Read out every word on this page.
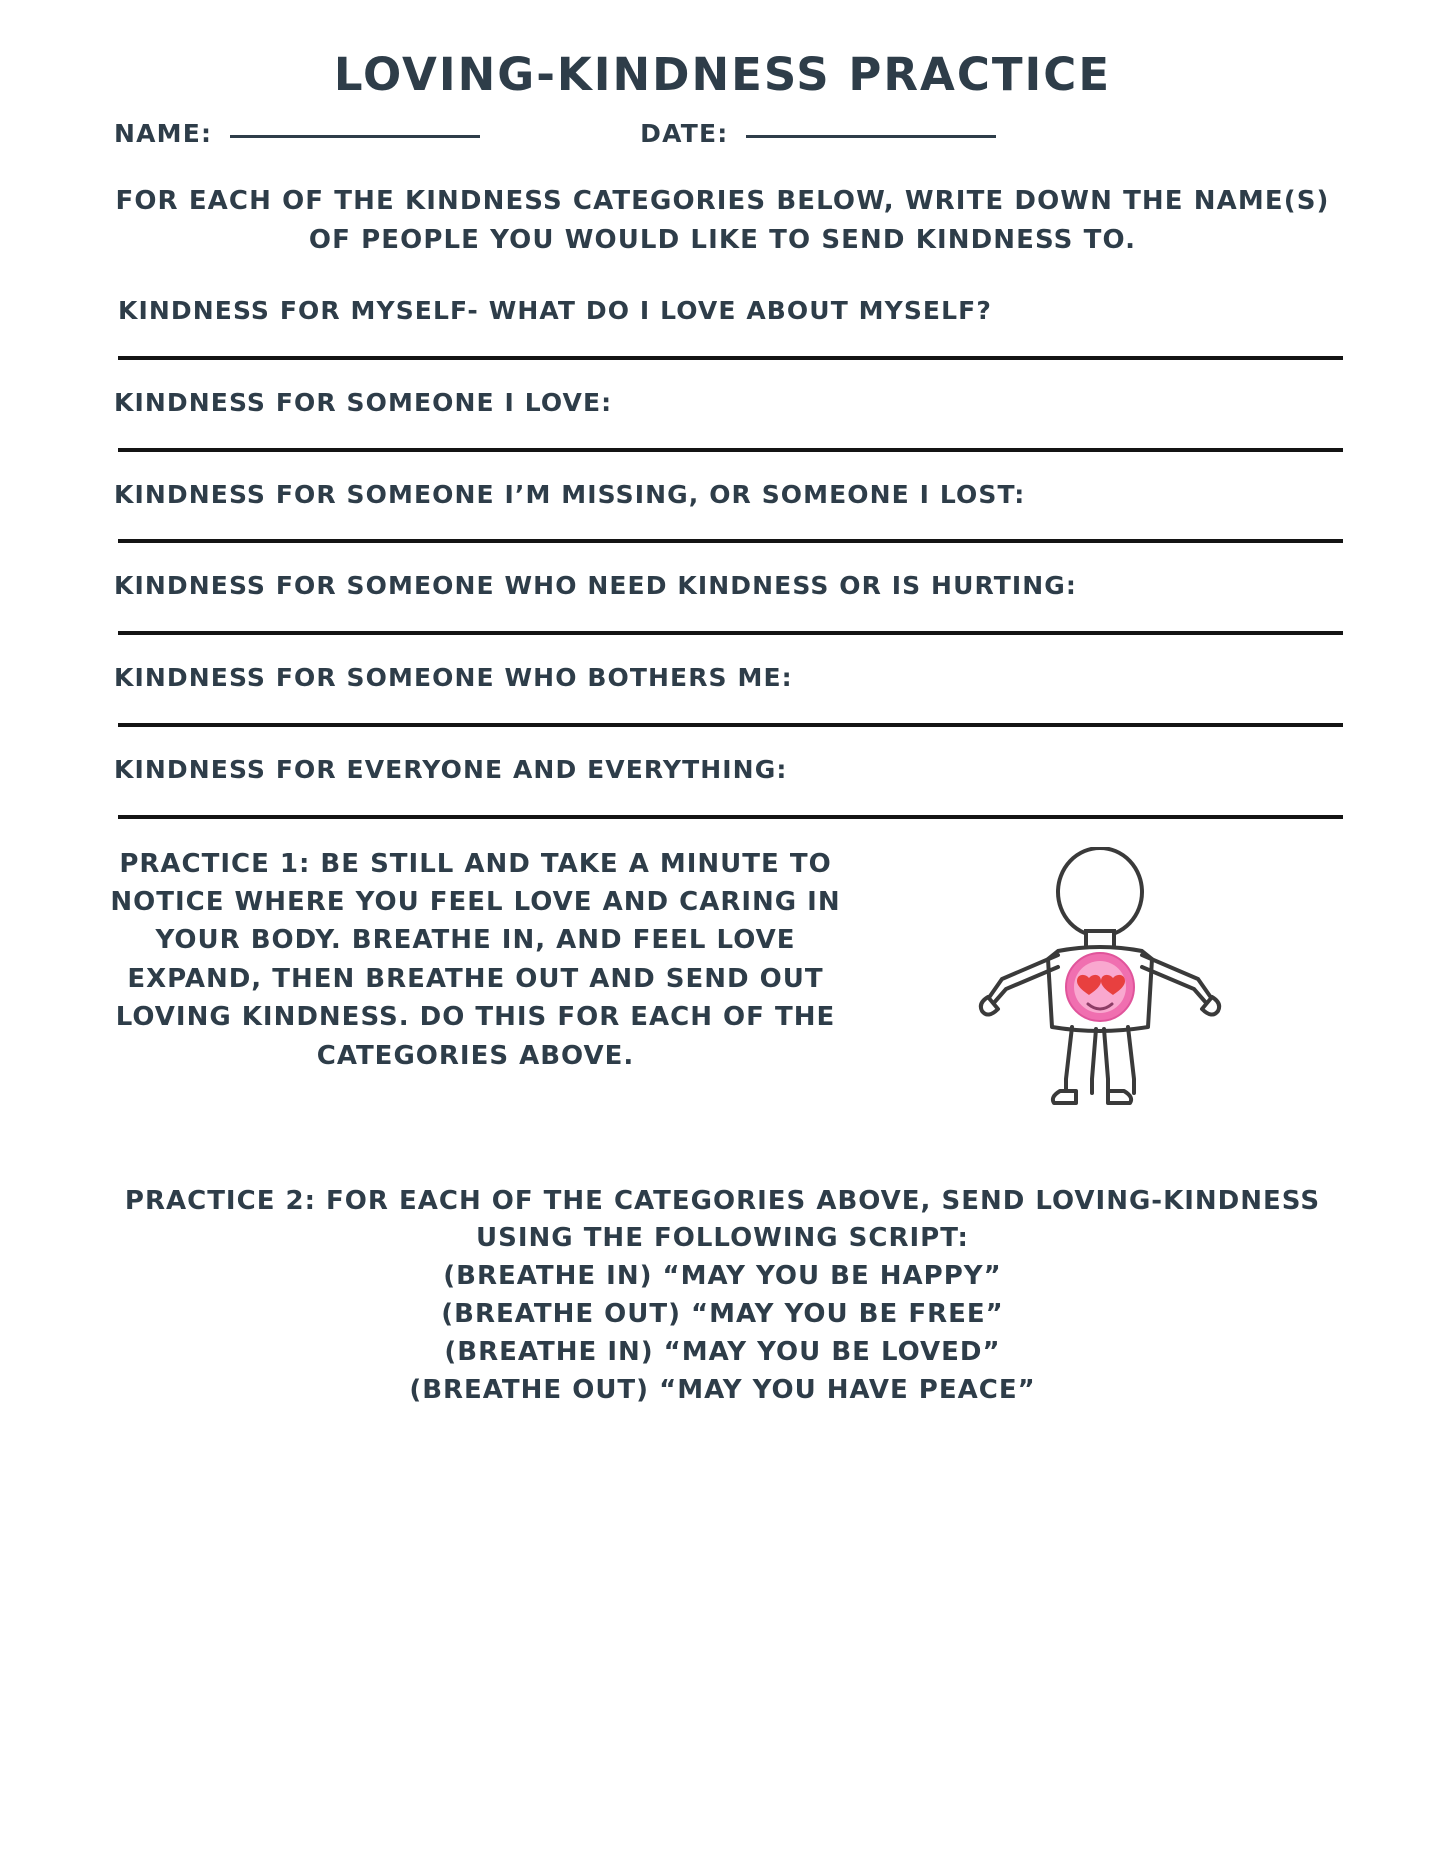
LOVING-KINDNESS PRACTICE
NAME:	DATE:
FOR EACH OF THE KINDNESS CATEGORIES BELOW, WRITE DOWN THE NAME(S) OF PEOPLE YOU WOULD LIKE TO SEND KINDNESS TO.
KINDNESS FOR MYSELF- WHAT DO I LOVE ABOUT MYSELF?
KINDNESS FOR SOMEONE I LOVE:
KINDNESS FOR SOMEONE I’M MISSING, OR SOMEONE I LOST:
KINDNESS FOR SOMEONE WHO NEED KINDNESS OR IS HURTING:
KINDNESS FOR SOMEONE WHO BOTHERS ME:
KINDNESS FOR EVERYONE AND EVERYTHING:
PRACTICE 1: BE STILL AND TAKE A MINUTE TO NOTICE WHERE YOU FEEL LOVE AND CARING IN YOUR BODY. BREATHE IN, AND FEEL LOVE EXPAND, THEN BREATHE OUT AND SEND OUT LOVING KINDNESS. DO THIS FOR EACH OF THE CATEGORIES ABOVE.
PRACTICE 2: FOR EACH OF THE CATEGORIES ABOVE, SEND LOVING-KINDNESS USING THE FOLLOWING SCRIPT:
(BREATHE IN) “MAY YOU BE HAPPY”
(BREATHE OUT) “MAY YOU BE FREE”
(BREATHE IN) “MAY YOU BE LOVED”
(BREATHE OUT) “MAY YOU HAVE PEACE”
